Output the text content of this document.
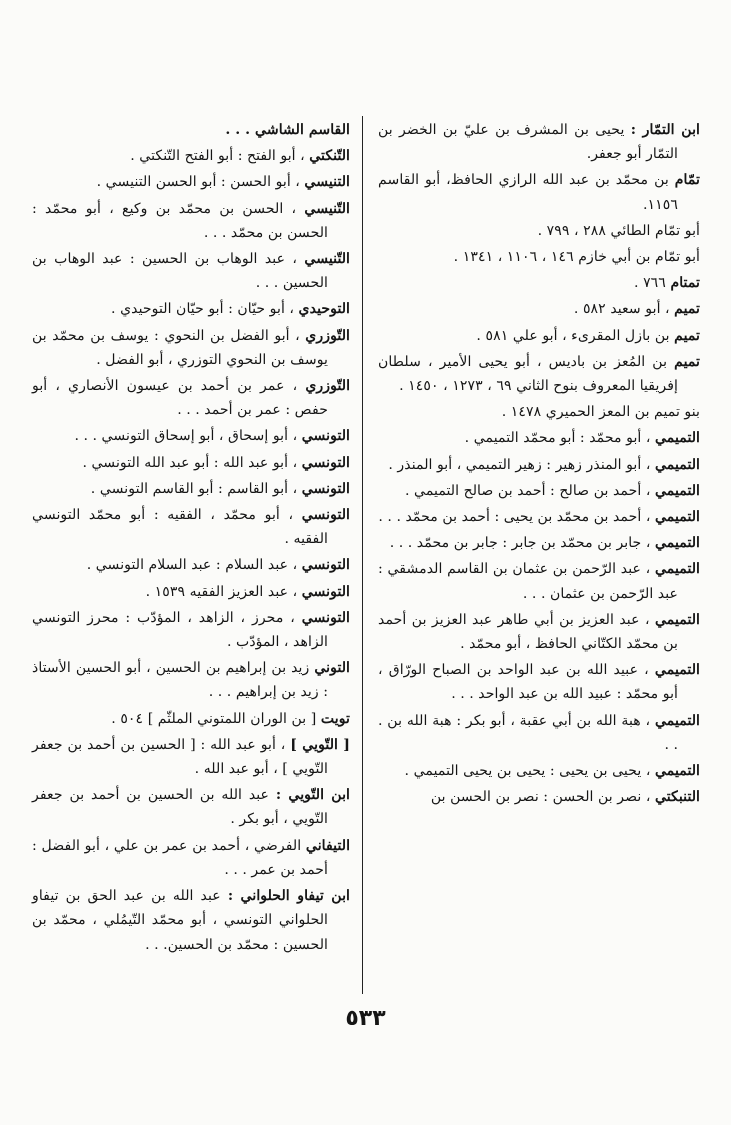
ابن التمّار : يحيى بن المشرف بن عليّ بن الخضر بن التمّار أبو جعفر.

تمّام بن محمّد بن عبد الله الرازي الحافظ، أبو القاسم ١١٥٦.

أبو تمّام الطائي ٢٨٨ ، ٧٩٩ .

أبو تمّام بن أبي خازم ١٤٦ ، ١١٠٦ ، ١٣٤١ .

تمتام ٧٦٦ .

تميم ، أبو سعيد ٥٨٢ .

تميم بن بازل المقرىء ، أبو علي ٥٨١ .

تميم بن المُعز بن باديس ، أبو يحيى الأمير ، سلطان إفريقيا المعروف بنوح الثاني ٦٩ ، ١٢٧٣ ، ١٤٥٠ .

بنو تميم بن المعز الحميري ١٤٧٨ .

التميمي ، أبو محمّد : أبو محمّد التميمي .

التميمي ، أبو المنذر زهير : زهير التميمي ، أبو المنذر .

التميمي ، أحمد بن صالح : أحمد بن صالح التميمي .

التميمي ، أحمد بن محمّد بن يحيى : أحمد بن محمّد . . .

التميمي ، جابر بن محمّد بن جابر : جابر بن محمّد . . .

التميمي ، عبد الرّحمن بن عثمان بن القاسم الدمشقي : عبد الرّحمن بن عثمان . . .

التميمي ، عبد العزيز بن أبي طاهر عبد العزيز بن أحمد بن محمّد الكتّاني الحافظ ، أبو محمّد .

التميمي ، عبيد الله بن عبد الواحد بن الصباح الورّاق ، أبو محمّد : عبيد الله بن عبد الواحد . . .

التميمي ، هبة الله بن أبي عقبة ، أبو بكر : هبة الله بن . . .

التميمي ، يحيى بن يحيى : يحيى بن يحيى التميمي .

التنبكتي ، نصر بن الحسن : نصر بن الحسن بن

القاسم الشاشي . . .

التّنكتي ، أبو الفتح : أبو الفتح التّنكتي .

التنيسي ، أبو الحسن : أبو الحسن التنيسي .

التّنيسي ، الحسن بن محمّد بن وكيع ، أبو محمّد : الحسن بن محمّد . . .

التّنيسي ، عبد الوهاب بن الحسين : عبد الوهاب بن الحسين . . .

التوحيدي ، أبو حيّان : أبو حيّان التوحيدي .

التّوزري ، أبو الفضل بن النحوي : يوسف بن محمّد بن يوسف بن النحوي التوزري ، أبو الفضل .

التّوزري ، عمر بن أحمد بن عيسون الأنصاري ، أبو حفص : عمر بن أحمد . . .

التونسي ، أبو إسحاق ، أبو إسحاق التونسي . . .

التونسي ، أبو عبد الله : أبو عبد الله التونسي .

التونسي ، أبو القاسم : أبو القاسم التونسي .

التونسي ، أبو محمّد ، الفقيه : أبو محمّد التونسي الفقيه .

التونسي ، عبد السلام : عبد السلام التونسي .

التونسي ، عبد العزيز الفقيه ١٥٣٩ .

التونسي ، محرز ، الزاهد ، المؤدّب : محرز التونسي الزاهد ، المؤدّب .

التوني زيد بن إبراهيم بن الحسين ، أبو الحسين الأستاذ : زيد بن إبراهيم . . .

تويت [ بن الوران اللمتوني الملثّم ] ٥٠٤ .

[ التّويي ] ، أبو عبد الله : [ الحسين بن أحمد بن جعفر التّويي ] ، أبو عبد الله .

ابن التّويي : عبد الله بن الحسين بن أحمد بن جعفر التّويي ، أبو بكر .

التيفاني الفرضي ، أحمد بن عمر بن علي ، أبو الفضل : أحمد بن عمر . . .

ابن تيفاو الحلواني : عبد الله بن عبد الحق بن تيفاو الحلواني التونسي ، أبو محمّد التّيمُلي ، محمّد بن الحسين : محمّد بن الحسين. . .

٥٣٣
